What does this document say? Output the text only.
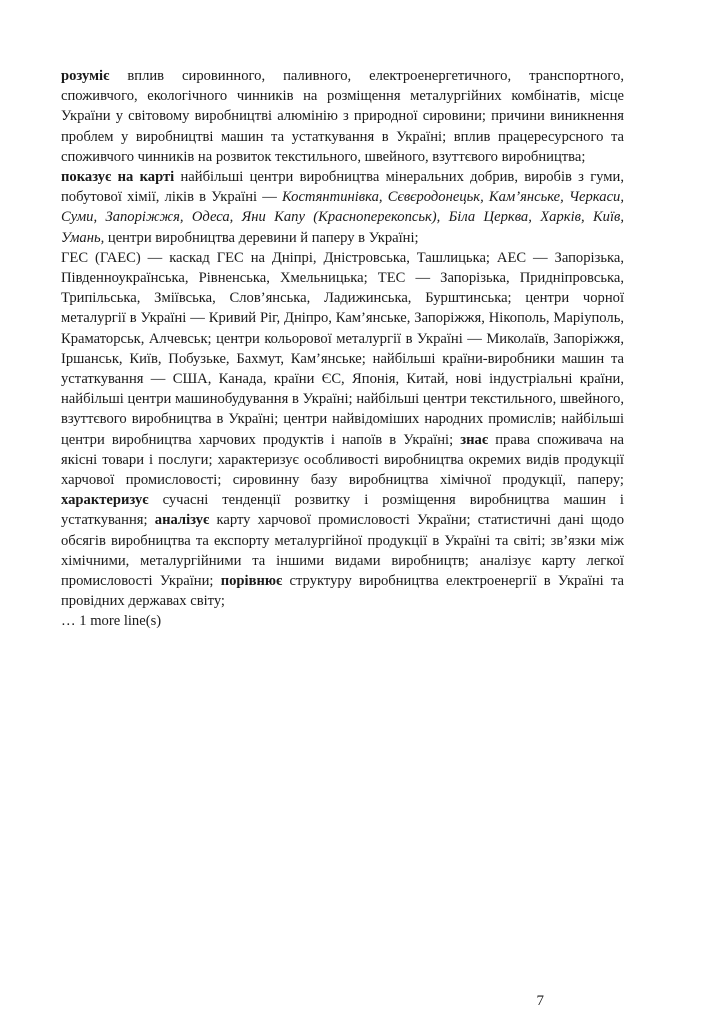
розуміє вплив сировинного, паливного, електроенергетичного, транспортного, споживчого, екологічного чинників на розміщення металургійних комбінатів, місце України у світовому виробництві алюмінію з природної сировини; причини виникнення проблем у виробництві машин та устаткування в Україні; вплив працересурсного та споживчого чинників на розвиток текстильного, швейного, взуттєвого виробництва;

показує на карті найбільші центри виробництва мінеральних добрив, виробів з гуми, побутової хімії, ліків в Україні — Костянтинівка, Сєвєродонецьк, Кам’янське, Черкаси, Суми, Запоріжжя, Одеса, Яни Капу (Красноперекопськ), Біла Церква, Харків, Київ, Умань, центри виробництва деревини й паперу в Україні;

ГЕС (ГАЕС) — каскад ГЕС на Дніпрі, Дністровська, Ташлицька; АЕС — Запорізька, Південноукраїнська, Рівненська, Хмельницька; ТЕС — Запорізька, Придніпровська, Трипільська, Зміївська, Слов’янська, Ладижинська, Бурштинська; центри чорної металургії в Україні — Кривий Ріг, Дніпро, Кам’янське, Запоріжжя, Нікополь, Маріуполь, Краматорськ, Алчевськ; центри кольорової металургії в Україні — Миколаїв, Запоріжжя, Іршанськ, Київ, Побузьке, Бахмут, Кам’янське; найбільші країни-виробники машин та устаткування — США, Канада, країни ЄС, Японія, Китай, нові індустріальні країни, найбільші центри машинобудування в Україні; найбільші центри текстильного, швейного, взуттєвого виробництва в Україні; центри найвідоміших народних промислів; найбільші центри виробництва харчових продуктів і напоїв в Україні; знає права споживача на якісні товари і послуги; характеризує особливості виробництва окремих видів продукції харчової промисловості; сировинну базу виробництва хімічної продукції, паперу; характеризує сучасні тенденції розвитку і розміщення виробництва машин і устаткування; аналізує карту харчової промисловості України; статистичні дані щодо обсягів виробництва та експорту металургійної продукції в Україні та світі; зв’язки між хімічними, металургійними та іншими видами виробництв; аналізує карту легкої промисловості України; порівнює структуру виробництва електроенергії в Україні та провідних державах світу;

… 1 more line(s)
7
